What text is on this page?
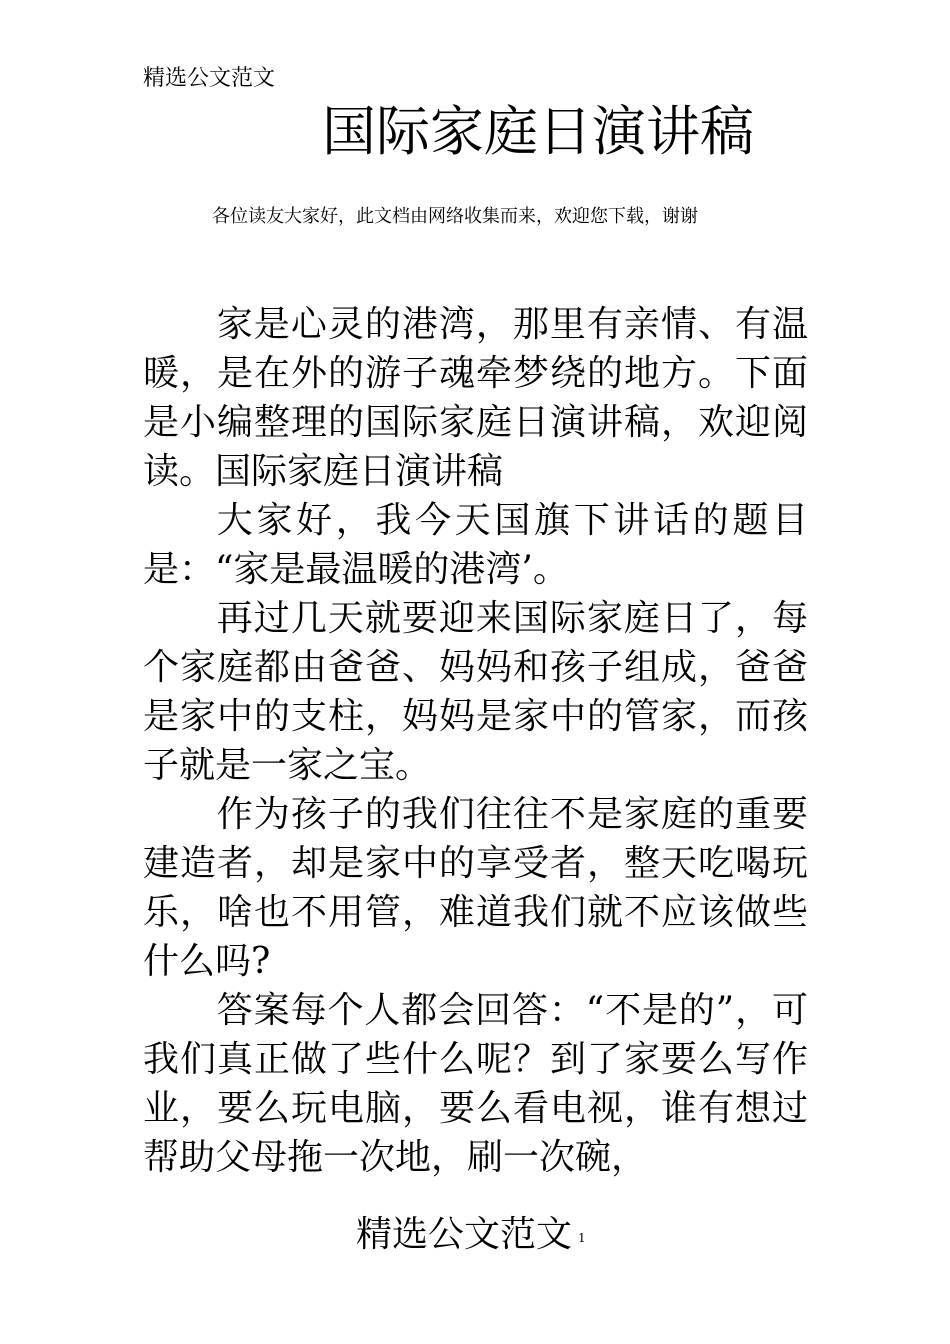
精选公文范文
国际家庭日演讲稿

各位读友大家好，此文档由网络收集而来，欢迎您下载，谢谢

家是心灵的港湾，那里有亲情、有温暖，是在外的游子魂牵梦绕的地方。下面是小编整理的国际家庭日演讲稿，欢迎阅读。国际家庭日演讲稿

大家好，我今天国旗下讲话的题目是：“家是最温暖的港湾’。

再过几天就要迎来国际家庭日了，每个家庭都由爸爸、妈妈和孩子组成，爸爸是家中的支柱，妈妈是家中的管家，而孩子就是一家之宝。

作为孩子的我们往往不是家庭的重要建造者，却是家中的享受者，整天吃喝玩乐，啥也不用管，难道我们就不应该做些什么吗?

答案每个人都会回答：“不是的”，可我们真正做了些什么呢？到了家要么写作业，要么玩电脑，要么看电视，谁有想过帮助父母拖一次地，刷一次碗，

精选公文范文 $^1$
